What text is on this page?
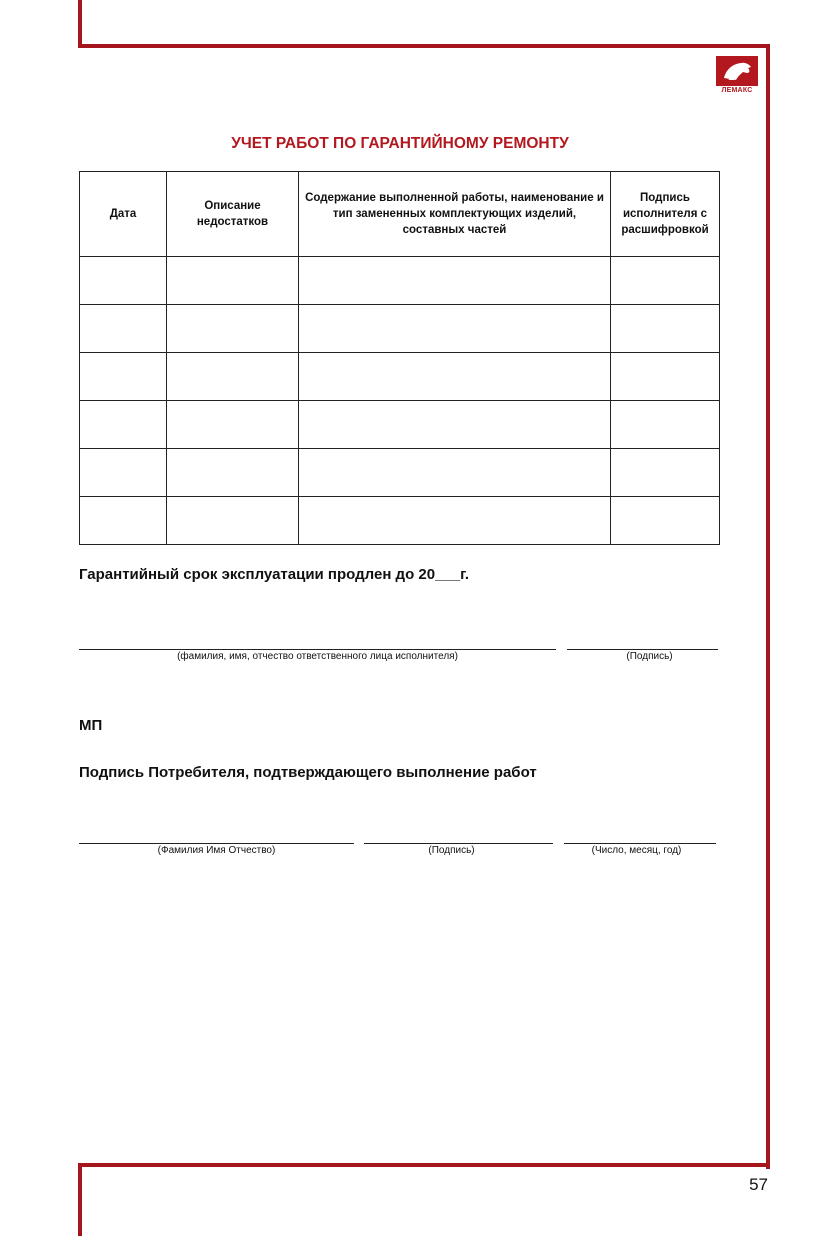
ЛЕМАКС
УЧЕТ РАБОТ ПО ГАРАНТИЙНОМУ РЕМОНТУ
Дата	Описание недостатков	Содержание выполненной работы, наименование и тип замененных комплектующих изделий, составных частей	Подпись исполнителя с расшифровкой

Гарантийный срок эксплуатации продлен до 20___г.
(фамилия, имя, отчество ответственного лица исполнителя)	(Подпись)
МП
Подпись Потребителя, подтверждающего выполнение работ
(Фамилия Имя Отчество)	(Подпись)	(Число, месяц, год)
57
